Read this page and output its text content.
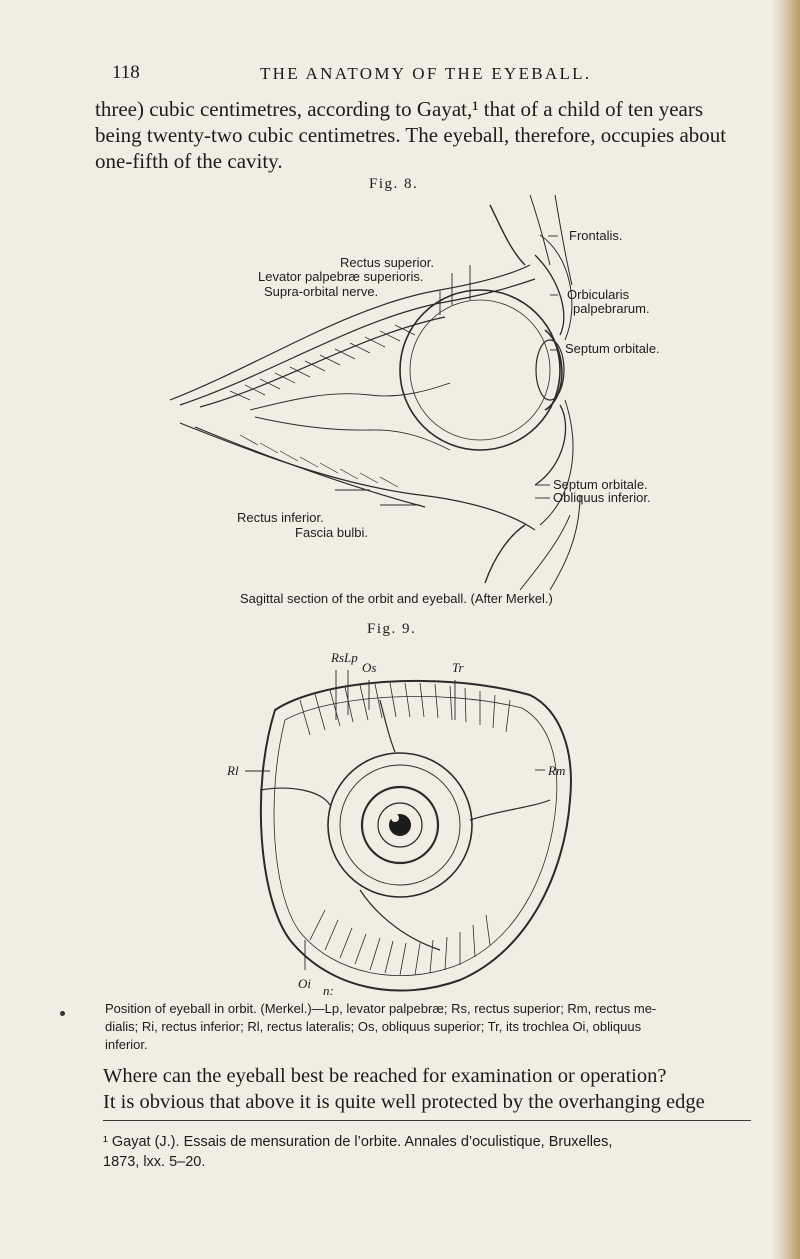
118	THE ANATOMY OF THE EYEBALL.
three) cubic centimetres, according to Gayat,¹ that of a child of ten years
being twenty-two cubic centimetres. The eyeball, therefore, occupies about
one-fifth of the cavity.
Fig. 8.
Rectus superior.
Levator palpebræ superioris.
Supra-orbital nerve.
Frontalis.
Orbicularis
palpebrarum.
Septum orbitale.
Septum orbitale.
Obliquus inferior.
Rectus inferior.
Fascia bulbi.
Sagittal section of the orbit and eyeball. (After Merkel.)
Fig. 9.
Rs Lp
Os	Tr
Rl	Rm
Oi n:
Position of eyeball in orbit. (Merkel.)—Lp, levator palpebræ; Rs, rectus superior; Rm, rectus me-
dialis; Ri, rectus inferior; Rl, rectus lateralis; Os, obliquus superior; Tr, its trochlea Oi, obliquus
inferior.
Where can the eyeball best be reached for examination or operation?
It is obvious that above it is quite well protected by the overhanging edge
¹ Gayat (J.). Essais de mensuration de l’orbite. Annales d’oculistique, Bruxelles,
1873, lxx. 5–20.
